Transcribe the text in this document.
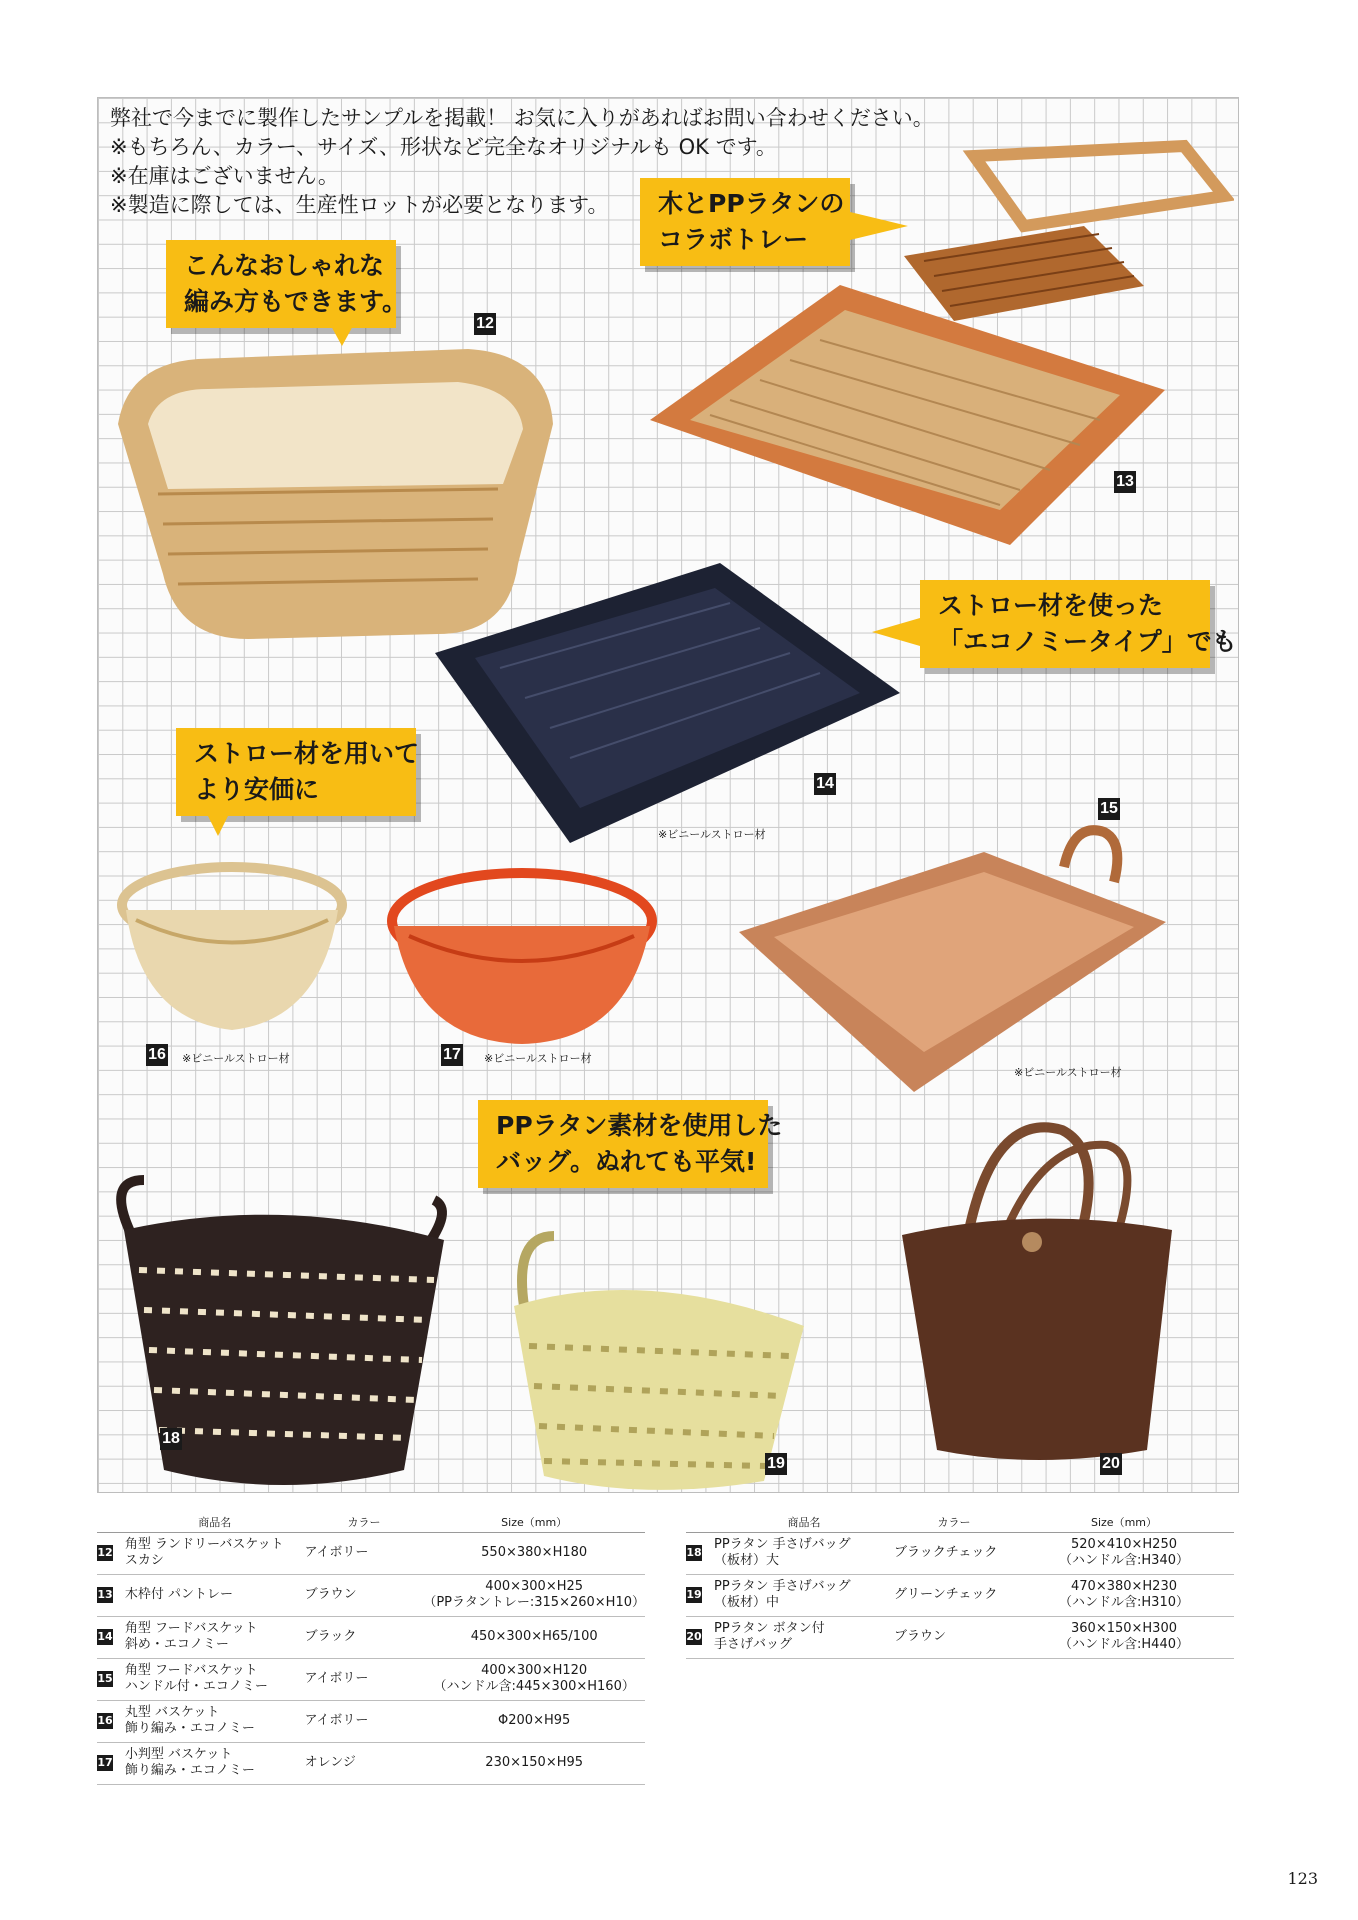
弊社で今までに製作したサンプルを掲載！ お気に入りがあればお問い合わせください。
※もちろん、カラー、サイズ、形状など完全なオリジナルも OK です。
※在庫はございません。
※製造に際しては、生産性ロットが必要となります。	木とPPラタンの
コラボトレー
こんなおしゃれな
編み方もできます。
ストロー材を使った
「エコノミータイプ」でも
ストロー材を用いて
より安価に
PPラタン素材を使用した
バッグ。ぬれても平気!
12
13
14
15
16	17
18
19	20
※ビニールストロー材
※ビニールストロー材
※ビニールストロー材	※ビニールストロー材
	商品名	カラー	Size（mm）
12	角型 ランドリーバスケット
スカシ	アイボリー	550×380×H180

13	木枠付 パントレー	ブラウン	400×300×H25
（PPラタントレー:315×260×H10）

14	角型 フードバスケット
斜め・エコノミー	ブラック	450×300×H65/100

15	角型 フードバスケット
ハンドル付・エコノミー	アイボリー	400×300×H120
（ハンドル含:445×300×H160）

16	丸型 バスケット
飾り編み・エコノミー	アイボリー	Φ200×H95

17	小判型 バスケット
飾り編み・エコノミー	オレンジ	230×150×H95
	商品名	カラー	Size（mm）
18	PPラタン 手さげバッグ
（板材）大	ブラックチェック	520×410×H250
（ハンドル含:H340）

19	PPラタン 手さげバッグ
（板材）中	グリーンチェック	470×380×H230
（ハンドル含:H310）

20	PPラタン ボタン付
手さげバッグ	ブラウン	360×150×H300
（ハンドル含:H440）
123
